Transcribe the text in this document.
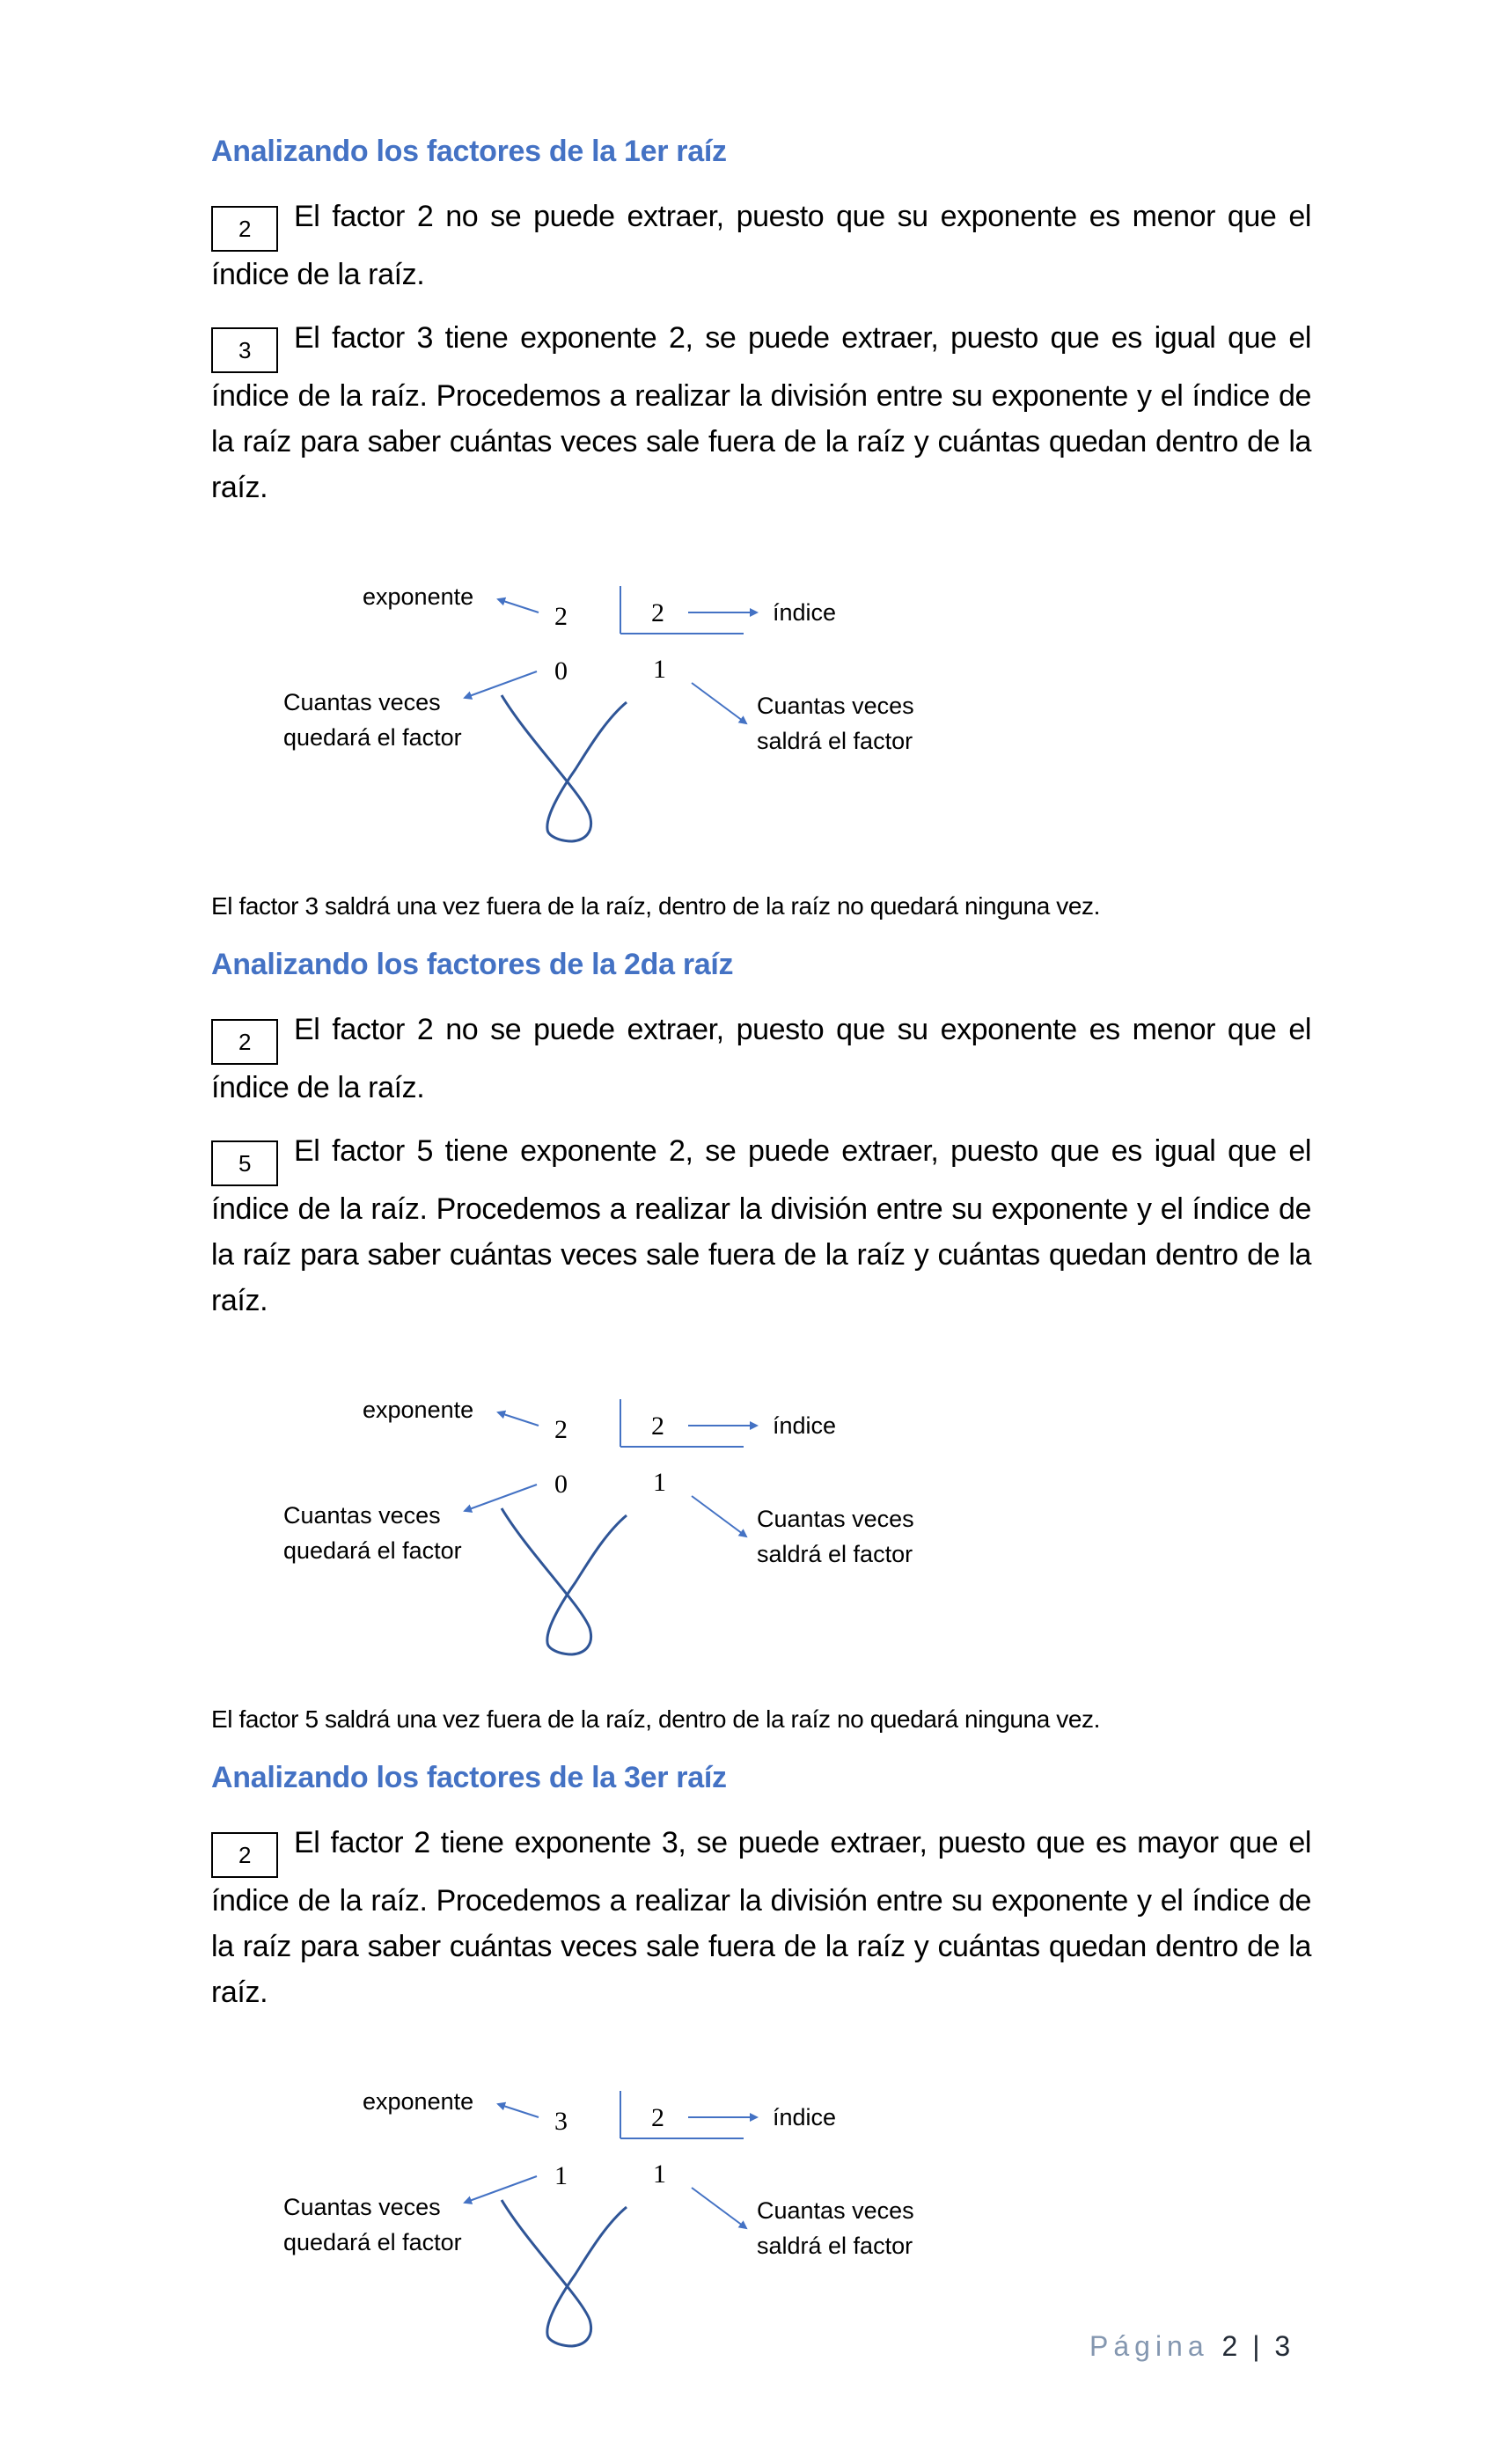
Analizando los factores de la 1er raíz

2 El factor 2 no se puede extraer, puesto que su exponente es menor que el índice de la raíz.

3 El factor 3 tiene exponente 2, se puede extraer, puesto que es igual que el índice de la raíz. Procedemos a realizar la división entre su exponente y el índice de la raíz para saber cuántas veces sale fuera de la raíz y cuántas quedan dentro de la raíz.

exponente
2	2	índice
0	1
Cuantas veces
quedará el factor
Cuantas veces
saldrá el factor

El factor 3 saldrá una vez fuera de la raíz, dentro de la raíz no quedará ninguna vez.

Analizando los factores de la 2da raíz

2 El factor 2 no se puede extraer, puesto que su exponente es menor que el índice de la raíz.

5 El factor 5 tiene exponente 2, se puede extraer, puesto que es igual que el índice de la raíz. Procedemos a realizar la división entre su exponente y el índice de la raíz para saber cuántas veces sale fuera de la raíz y cuántas quedan dentro de la raíz.

exponente
2	2	índice
0	1
Cuantas veces
quedará el factor
Cuantas veces
saldrá el factor

El factor 5 saldrá una vez fuera de la raíz, dentro de la raíz no quedará ninguna vez.

Analizando los factores de la 3er raíz

2 El factor 2 tiene exponente 3, se puede extraer, puesto que es mayor que el índice de la raíz. Procedemos a realizar la división entre su exponente y el índice de la raíz para saber cuántas veces sale fuera de la raíz y cuántas quedan dentro de la raíz.

exponente
3	2	índice
1	1
Cuantas veces
quedará el factor
Cuantas veces
saldrá el factor
Página 2 | 3
